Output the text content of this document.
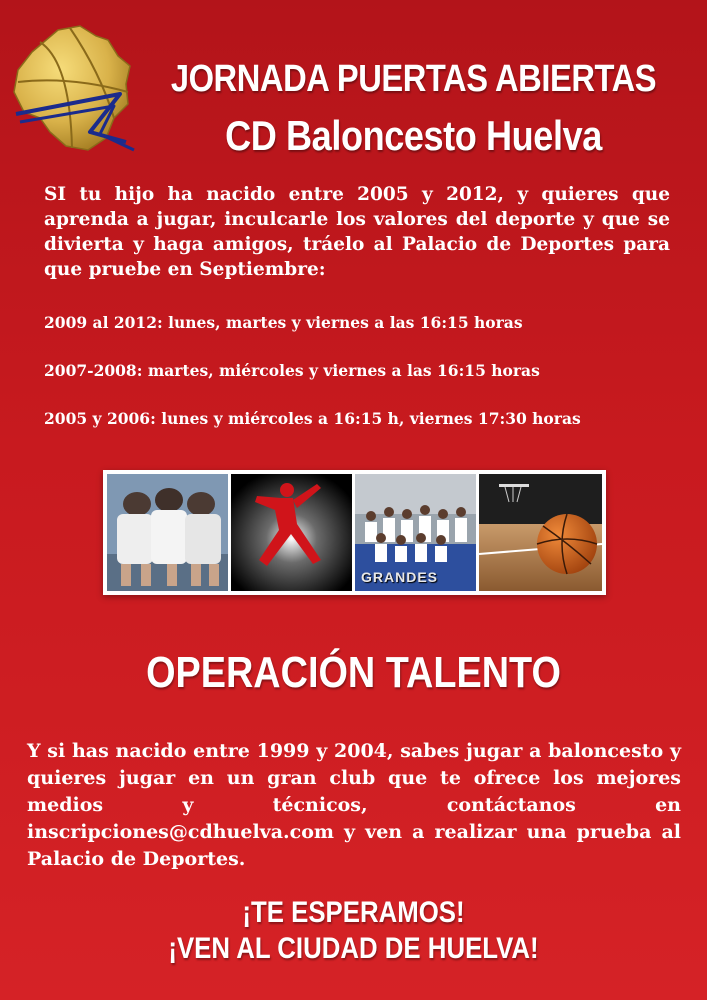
JORNADA PUERTAS ABIERTAS
CD Baloncesto Huelva
SI tu hijo ha nacido entre 2005 y 2012, y quieres que aprenda a jugar, inculcarle los valores del deporte y que se divierta y haga amigos, tráelo al Palacio de Deportes para que pruebe en Septiembre:
2009 al 2012: lunes, martes y viernes a las 16:15 horas
2007-2008: martes, miércoles y viernes a las 16:15 horas
2005 y 2006: lunes y miércoles a 16:15 h, viernes 17:30 horas
GRANDES
OPERACIÓN TALENTO
Y si has nacido entre 1999 y 2004, sabes jugar a baloncesto y quieres jugar en un gran club que te ofrece los mejores medios y técnicos, contáctanos en inscripciones@cdhuelva.com y ven a realizar una prueba al Palacio de Deportes.
¡TE ESPERAMOS!
¡VEN AL CIUDAD DE HUELVA!
